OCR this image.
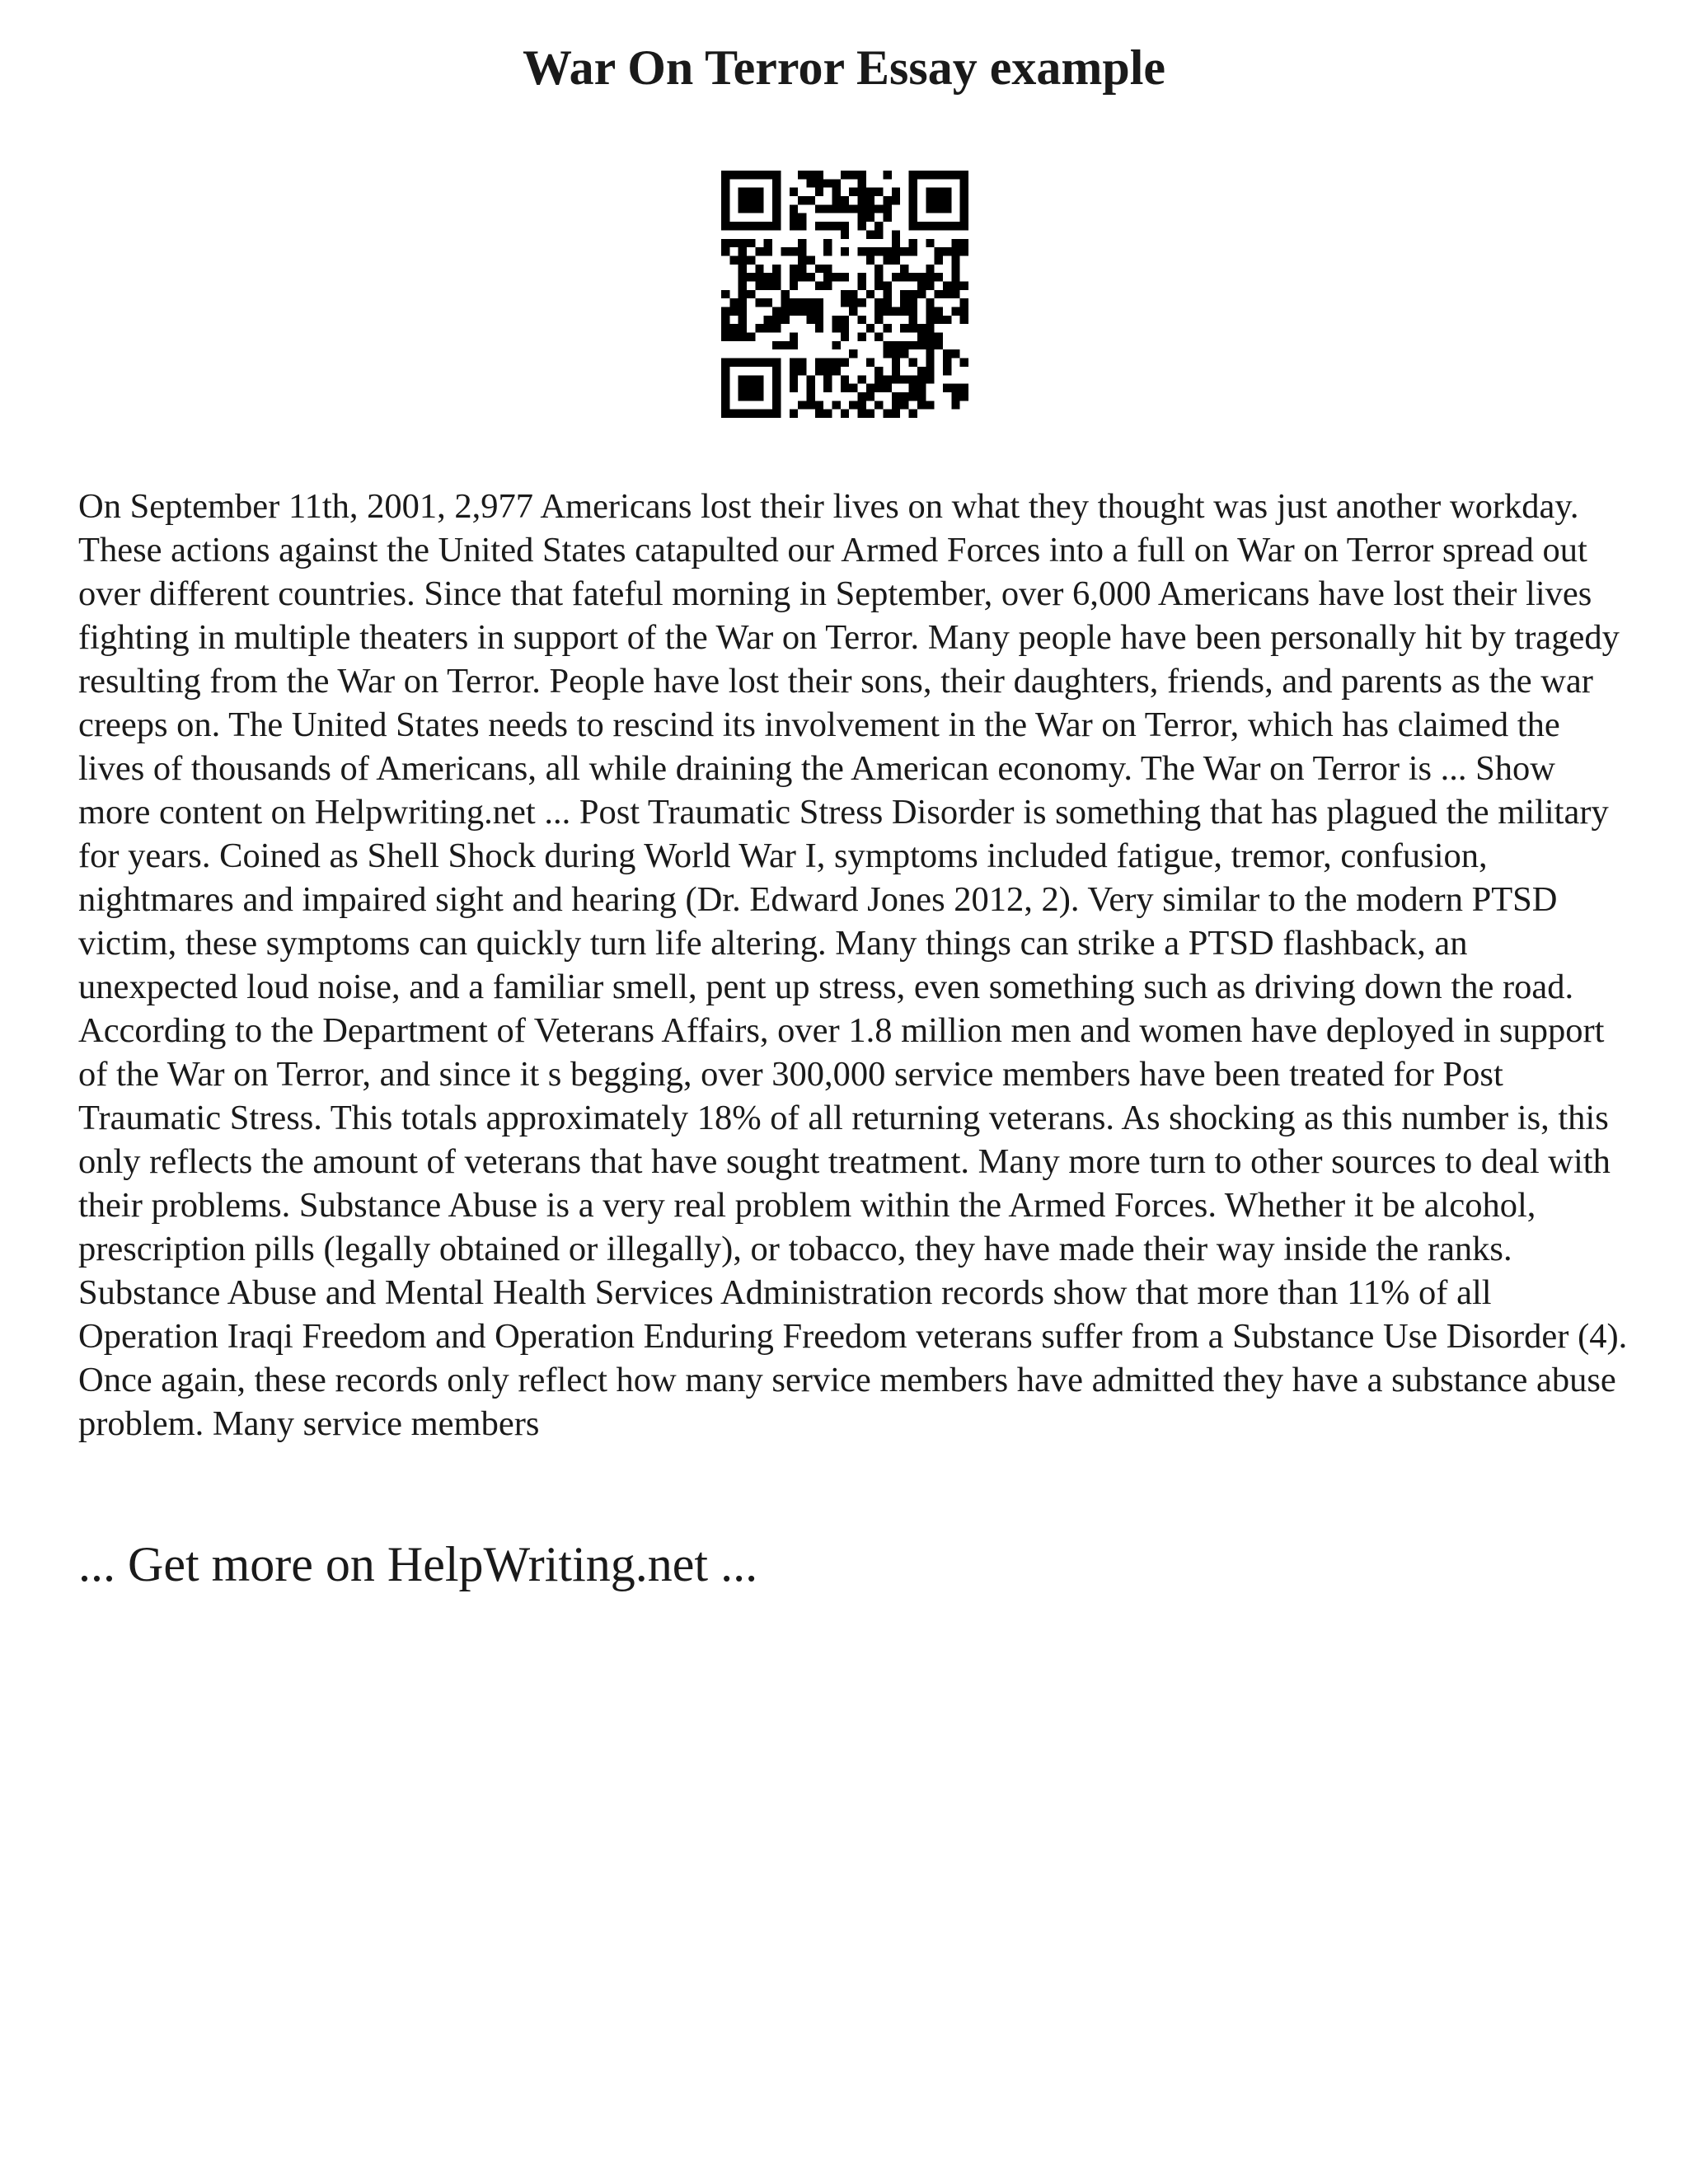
War On Terror Essay example

On September 11th, 2001, 2,977 Americans lost their lives on what they thought was just another workday. These actions against the United States catapulted our Armed Forces into a full on War on Terror spread out over different countries. Since that fateful morning in September, over 6,000 Americans have lost their lives fighting in multiple theaters in support of the War on Terror. Many people have been personally hit by tragedy resulting from the War on Terror. People have lost their sons, their daughters, friends, and parents as the war creeps on. The United States needs to rescind its involvement in the War on Terror, which has claimed the lives of thousands of Americans, all while draining the American economy. The War on Terror is ... Show more content on Helpwriting.net ... Post Traumatic Stress Disorder is something that has plagued the military for years. Coined as Shell Shock during World War I, symptoms included fatigue, tremor, confusion, nightmares and impaired sight and hearing (Dr. Edward Jones 2012, 2). Very similar to the modern PTSD victim, these symptoms can quickly turn life altering. Many things can strike a PTSD flashback, an unexpected loud noise, and a familiar smell, pent up stress, even something such as driving down the road. According to the Department of Veterans Affairs, over 1.8 million men and women have deployed in support of the War on Terror, and since it s begging, over 300,000 service members have been treated for Post Traumatic Stress. This totals approximately 18% of all returning veterans. As shocking as this number is, this only reflects the amount of veterans that have sought treatment. Many more turn to other sources to deal with their problems. Substance Abuse is a very real problem within the Armed Forces. Whether it be alcohol, prescription pills (legally obtained or illegally), or tobacco, they have made their way inside the ranks. Substance Abuse and Mental Health Services Administration records show that more than 11% of all Operation Iraqi Freedom and Operation Enduring Freedom veterans suffer from a Substance Use Disorder (4). Once again, these records only reflect how many service members have admitted they have a substance abuse problem. Many service members

... Get more on HelpWriting.net ...
